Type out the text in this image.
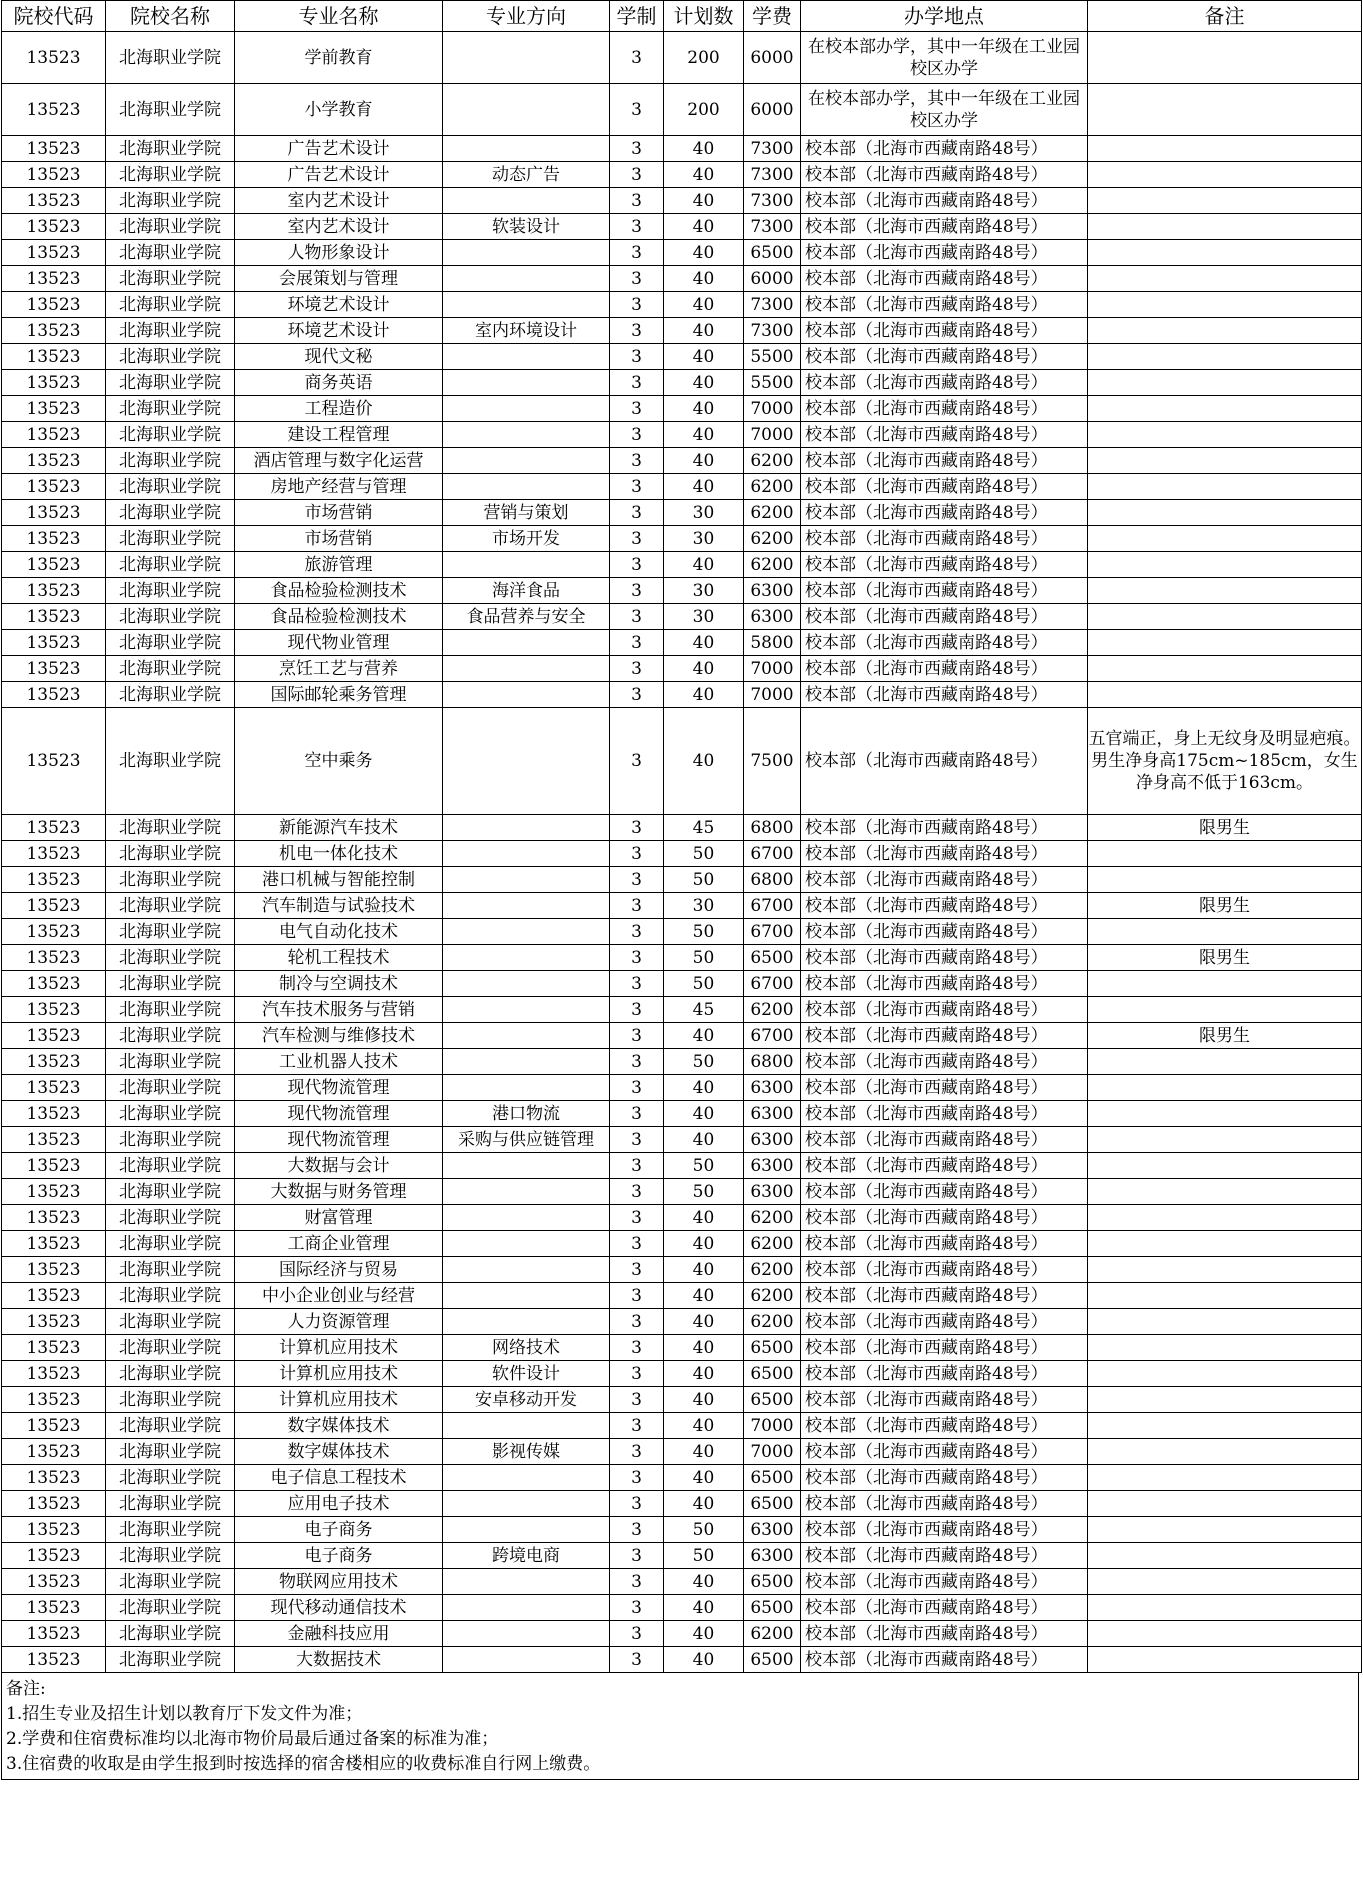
院校代码	院校名称	专业名称	专业方向	学制	计划数	学费	办学地点	备注
13523	北海职业学院	学前教育		3	200	6000	在校本部办学，其中一年级在工业园校区办学	
13523	北海职业学院	小学教育		3	200	6000	在校本部办学，其中一年级在工业园校区办学	
13523	北海职业学院	广告艺术设计		3	40	7300	校本部（北海市西藏南路48号）	
13523	北海职业学院	广告艺术设计	动态广告	3	40	7300	校本部（北海市西藏南路48号）	
13523	北海职业学院	室内艺术设计		3	40	7300	校本部（北海市西藏南路48号）	
13523	北海职业学院	室内艺术设计	软装设计	3	40	7300	校本部（北海市西藏南路48号）	
13523	北海职业学院	人物形象设计		3	40	6500	校本部（北海市西藏南路48号）	
13523	北海职业学院	会展策划与管理		3	40	6000	校本部（北海市西藏南路48号）	
13523	北海职业学院	环境艺术设计		3	40	7300	校本部（北海市西藏南路48号）	
13523	北海职业学院	环境艺术设计	室内环境设计	3	40	7300	校本部（北海市西藏南路48号）	
13523	北海职业学院	现代文秘		3	40	5500	校本部（北海市西藏南路48号）	
13523	北海职业学院	商务英语		3	40	5500	校本部（北海市西藏南路48号）	
13523	北海职业学院	工程造价		3	40	7000	校本部（北海市西藏南路48号）	
13523	北海职业学院	建设工程管理		3	40	7000	校本部（北海市西藏南路48号）	
13523	北海职业学院	酒店管理与数字化运营		3	40	6200	校本部（北海市西藏南路48号）	
13523	北海职业学院	房地产经营与管理		3	40	6200	校本部（北海市西藏南路48号）	
13523	北海职业学院	市场营销	营销与策划	3	30	6200	校本部（北海市西藏南路48号）	
13523	北海职业学院	市场营销	市场开发	3	30	6200	校本部（北海市西藏南路48号）	
13523	北海职业学院	旅游管理		3	40	6200	校本部（北海市西藏南路48号）	
13523	北海职业学院	食品检验检测技术	海洋食品	3	30	6300	校本部（北海市西藏南路48号）	
13523	北海职业学院	食品检验检测技术	食品营养与安全	3	30	6300	校本部（北海市西藏南路48号）	
13523	北海职业学院	现代物业管理		3	40	5800	校本部（北海市西藏南路48号）	
13523	北海职业学院	烹饪工艺与营养		3	40	7000	校本部（北海市西藏南路48号）	
13523	北海职业学院	国际邮轮乘务管理		3	40	7000	校本部（北海市西藏南路48号）	
13523	北海职业学院	空中乘务		3	40	7500	校本部（北海市西藏南路48号）	五官端正，身上无纹身及明显疤痕。男生净身高175cm~185cm，女生净身高不低于163cm。
13523	北海职业学院	新能源汽车技术		3	45	6800	校本部（北海市西藏南路48号）	限男生
13523	北海职业学院	机电一体化技术		3	50	6700	校本部（北海市西藏南路48号）	
13523	北海职业学院	港口机械与智能控制		3	50	6800	校本部（北海市西藏南路48号）	
13523	北海职业学院	汽车制造与试验技术		3	30	6700	校本部（北海市西藏南路48号）	限男生
13523	北海职业学院	电气自动化技术		3	50	6700	校本部（北海市西藏南路48号）	
13523	北海职业学院	轮机工程技术		3	50	6500	校本部（北海市西藏南路48号）	限男生
13523	北海职业学院	制冷与空调技术		3	50	6700	校本部（北海市西藏南路48号）	
13523	北海职业学院	汽车技术服务与营销		3	45	6200	校本部（北海市西藏南路48号）	
13523	北海职业学院	汽车检测与维修技术		3	40	6700	校本部（北海市西藏南路48号）	限男生
13523	北海职业学院	工业机器人技术		3	50	6800	校本部（北海市西藏南路48号）	
13523	北海职业学院	现代物流管理		3	40	6300	校本部（北海市西藏南路48号）	
13523	北海职业学院	现代物流管理	港口物流	3	40	6300	校本部（北海市西藏南路48号）	
13523	北海职业学院	现代物流管理	采购与供应链管理	3	40	6300	校本部（北海市西藏南路48号）	
13523	北海职业学院	大数据与会计		3	50	6300	校本部（北海市西藏南路48号）	
13523	北海职业学院	大数据与财务管理		3	50	6300	校本部（北海市西藏南路48号）	
13523	北海职业学院	财富管理		3	40	6200	校本部（北海市西藏南路48号）	
13523	北海职业学院	工商企业管理		3	40	6200	校本部（北海市西藏南路48号）	
13523	北海职业学院	国际经济与贸易		3	40	6200	校本部（北海市西藏南路48号）	
13523	北海职业学院	中小企业创业与经营		3	40	6200	校本部（北海市西藏南路48号）	
13523	北海职业学院	人力资源管理		3	40	6200	校本部（北海市西藏南路48号）	
13523	北海职业学院	计算机应用技术	网络技术	3	40	6500	校本部（北海市西藏南路48号）	
13523	北海职业学院	计算机应用技术	软件设计	3	40	6500	校本部（北海市西藏南路48号）	
13523	北海职业学院	计算机应用技术	安卓移动开发	3	40	6500	校本部（北海市西藏南路48号）	
13523	北海职业学院	数字媒体技术		3	40	7000	校本部（北海市西藏南路48号）	
13523	北海职业学院	数字媒体技术	影视传媒	3	40	7000	校本部（北海市西藏南路48号）	
13523	北海职业学院	电子信息工程技术		3	40	6500	校本部（北海市西藏南路48号）	
13523	北海职业学院	应用电子技术		3	40	6500	校本部（北海市西藏南路48号）	
13523	北海职业学院	电子商务		3	50	6300	校本部（北海市西藏南路48号）	
13523	北海职业学院	电子商务	跨境电商	3	50	6300	校本部（北海市西藏南路48号）	
13523	北海职业学院	物联网应用技术		3	40	6500	校本部（北海市西藏南路48号）	
13523	北海职业学院	现代移动通信技术		3	40	6500	校本部（北海市西藏南路48号）	
13523	北海职业学院	金融科技应用		3	40	6200	校本部（北海市西藏南路48号）	
13523	北海职业学院	大数据技术		3	40	6500	校本部（北海市西藏南路48号）	
备注:
1.招生专业及招生计划以教育厅下发文件为准；
2.学费和住宿费标准均以北海市物价局最后通过备案的标准为准；
3.住宿费的收取是由学生报到时按选择的宿舍楼相应的收费标准自行网上缴费。
